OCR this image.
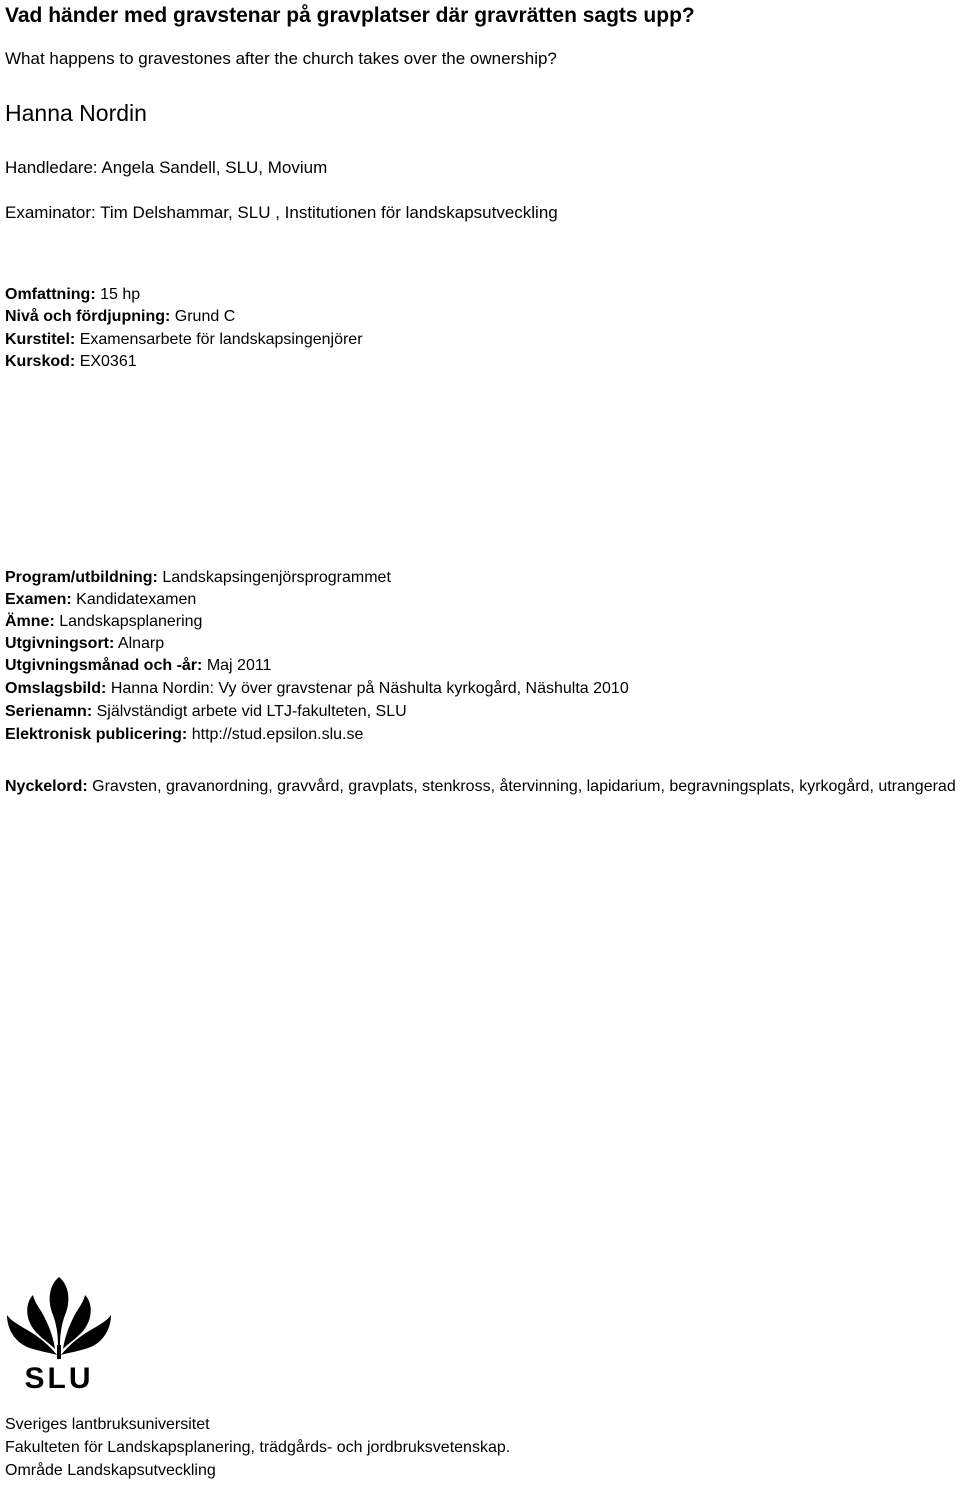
Vad händer med gravstenar på gravplatser där gravrätten sagts upp?
What happens to gravestones after the church takes over the ownership?
Hanna Nordin
Handledare: Angela Sandell, SLU, Movium
Examinator: Tim Delshammar, SLU , Institutionen för landskapsutveckling
Omfattning: 15 hp
Nivå och fördjupning: Grund C
Kurstitel: Examensarbete för landskapsingenjörer
Kurskod: EX0361
Program/utbildning: Landskapsingenjörsprogrammet
Examen: Kandidatexamen
Ämne: Landskapsplanering
Utgivningsort: Alnarp
Utgivningsmånad och -år: Maj 2011
Omslagsbild: Hanna Nordin: Vy över gravstenar på Näshulta kyrkogård, Näshulta 2010
Serienamn: Självständigt arbete vid LTJ-fakulteten, SLU
Elektronisk publicering: http://stud.epsilon.slu.se
Nyckelord: Gravsten, gravanordning, gravvård, gravplats, stenkross, återvinning, lapidarium, begravningsplats, kyrkogård, utrangerad
SLU
Sveriges lantbruksuniversitet
Fakulteten för Landskapsplanering, trädgårds- och jordbruksvetenskap.
Område Landskapsutveckling
